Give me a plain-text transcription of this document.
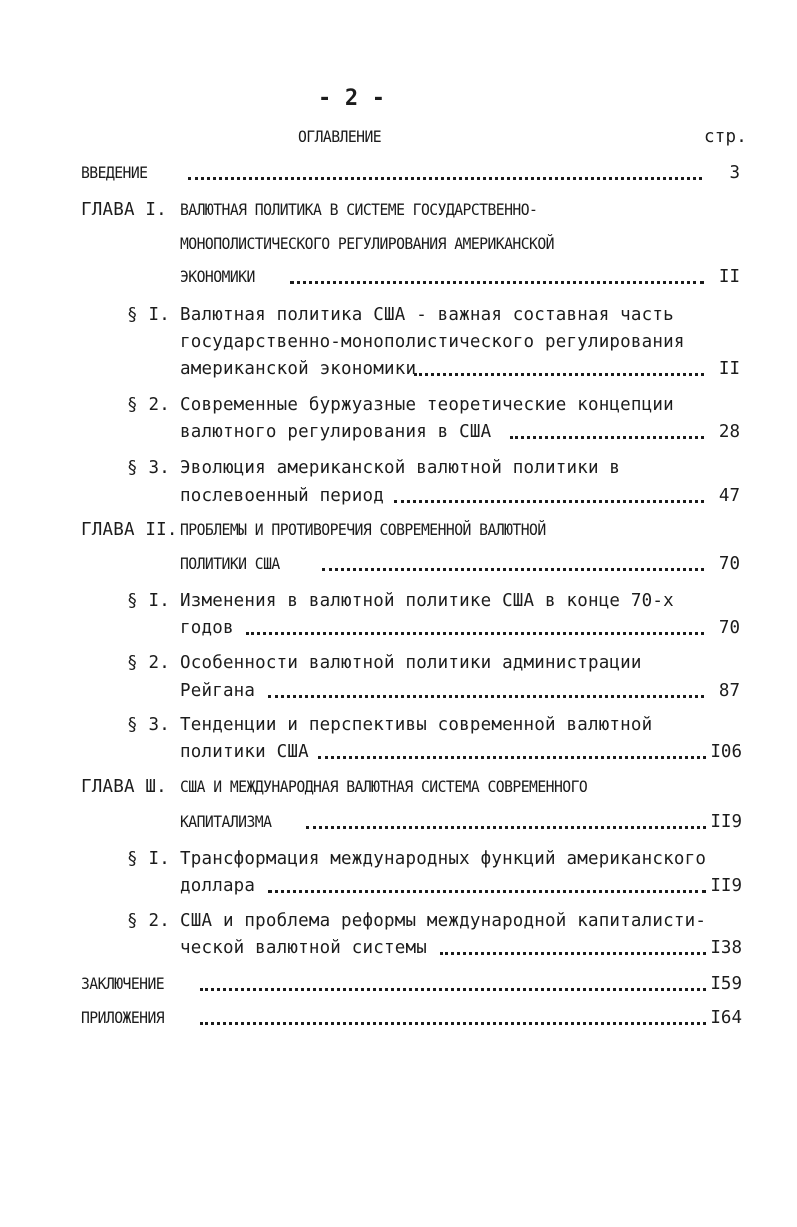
- 2 -
ОГЛАВЛЕНИЕ	стр.
ВВЕДЕНИЕ	3
ГЛАВА I. ВАЛЮТНАЯ ПОЛИТИКА В СИСТЕМЕ ГОСУДАРСТВЕННО-
МОНОПОЛИСТИЧЕСКОГО РЕГУЛИРОВАНИЯ АМЕРИКАНСКОЙ
ЭКОНОМИКИ	II
§ I. Валютная политика США - важная составная часть
государственно-монополистического регулирования
американской экономики	II
§ 2. Современные буржуазные теоретические концепции
валютного регулирования в США	28
§ 3. Эволюция американской валютной политики в
послевоенный период	47
ГЛАВА II. ПРОБЛЕМЫ И ПРОТИВОРЕЧИЯ СОВРЕМЕННОЙ ВАЛЮТНОЙ
ПОЛИТИКИ США	70
§ I. Изменения в валютной политике США в конце 70-х
годов	70
§ 2. Особенности валютной политики администрации
Рейгана	87
§ 3. Тенденции и перспективы современной валютной
политики США	I06
ГЛАВА Ш. США И МЕЖДУНАРОДНАЯ ВАЛЮТНАЯ СИСТЕМА СОВРЕМЕННОГО
КАПИТАЛИЗМА	II9
§ I. Трансформация международных функций американского
доллара	II9
§ 2. США и проблема реформы международной капиталисти-
ческой валютной системы	I38
ЗАКЛЮЧЕНИЕ	I59
ПРИЛОЖЕНИЯ	I64
